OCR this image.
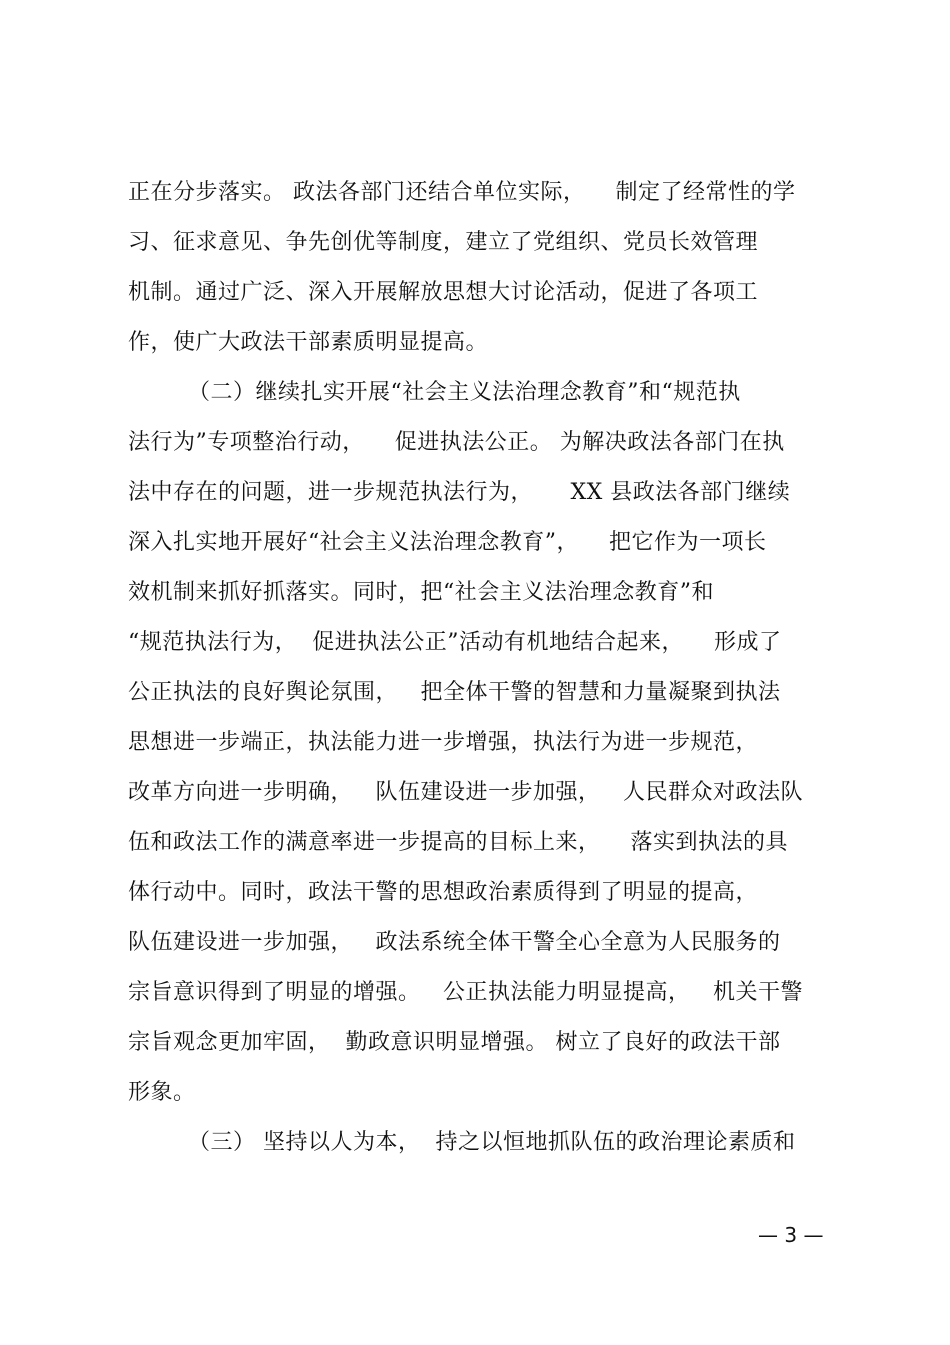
正在分步落实。 政法各部门还结合单位实际，    制定了经常性的学
习、征求意见、争先创优等制度，建立了党组织、党员长效管理
机制。通过广泛、深入开展解放思想大讨论活动，促进了各项工
作，使广大政法干部素质明显提高。
（二）继续扎实开展“社会主义法治理念教育”和“规范执
法行为”专项整治行动，    促进执法公正。 为解决政法各部门在执
法中存在的问题，进一步规范执法行为，     XX 县政法各部门继续
深入扎实地开展好“社会主义法治理念教育”，    把它作为一项长
效机制来抓好抓落实。同时，把“社会主义法治理念教育”和
“规范执法行为，  促进执法公正”活动有机地结合起来，    形成了
公正执法的良好舆论氛围，   把全体干警的智慧和力量凝聚到执法
思想进一步端正，执法能力进一步增强，执法行为进一步规范，
改革方向进一步明确，   队伍建设进一步加强，   人民群众对政法队
伍和政法工作的满意率进一步提高的目标上来，    落实到执法的具
体行动中。同时，政法干警的思想政治素质得到了明显的提高，
队伍建设进一步加强，   政法系统全体干警全心全意为人民服务的
宗旨意识得到了明显的增强。   公正执法能力明显提高，   机关干警
宗旨观念更加牢固，  勤政意识明显增强。 树立了良好的政法干部
形象。
（三） 坚持以人为本，  持之以恒地抓队伍的政治理论素质和
— 3 —
